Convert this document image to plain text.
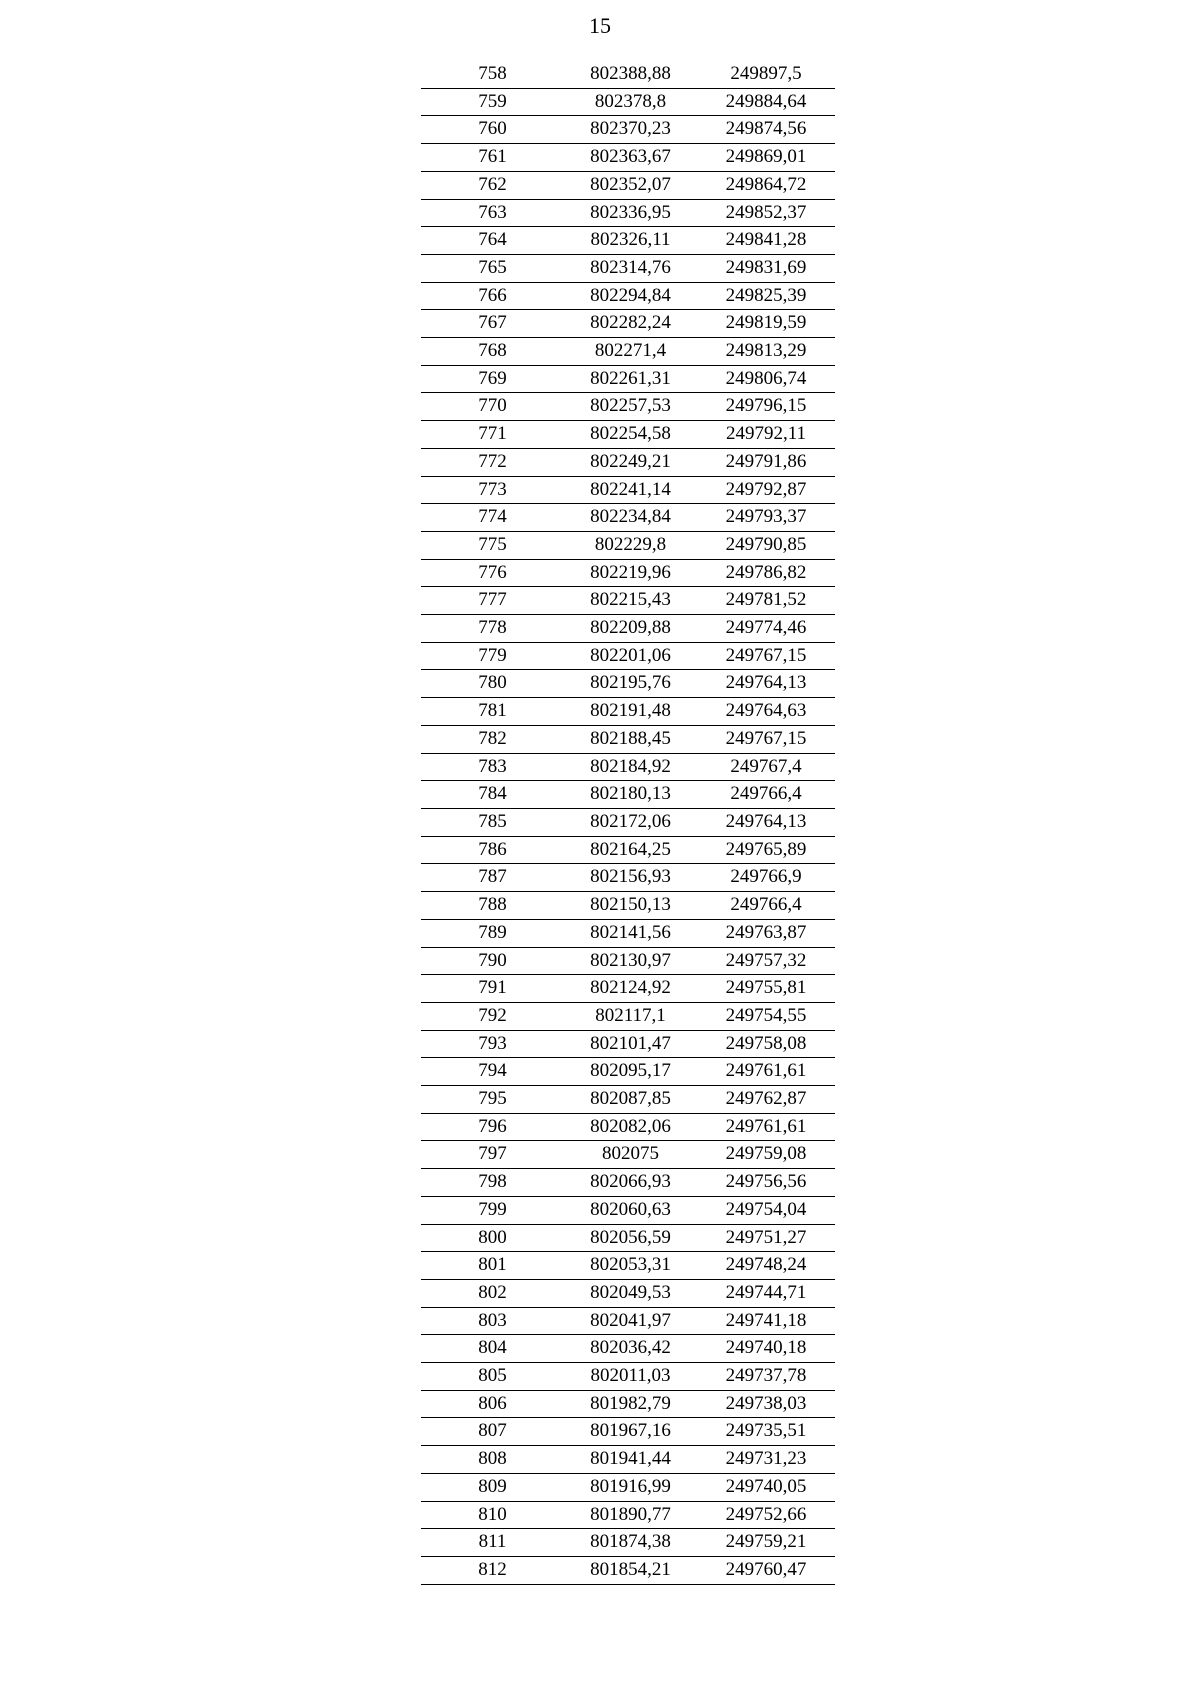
15
758	802388,88	249897,5
759	802378,8	249884,64
760	802370,23	249874,56
761	802363,67	249869,01
762	802352,07	249864,72
763	802336,95	249852,37
764	802326,11	249841,28
765	802314,76	249831,69
766	802294,84	249825,39
767	802282,24	249819,59
768	802271,4	249813,29
769	802261,31	249806,74
770	802257,53	249796,15
771	802254,58	249792,11
772	802249,21	249791,86
773	802241,14	249792,87
774	802234,84	249793,37
775	802229,8	249790,85
776	802219,96	249786,82
777	802215,43	249781,52
778	802209,88	249774,46
779	802201,06	249767,15
780	802195,76	249764,13
781	802191,48	249764,63
782	802188,45	249767,15
783	802184,92	249767,4
784	802180,13	249766,4
785	802172,06	249764,13
786	802164,25	249765,89
787	802156,93	249766,9
788	802150,13	249766,4
789	802141,56	249763,87
790	802130,97	249757,32
791	802124,92	249755,81
792	802117,1	249754,55
793	802101,47	249758,08
794	802095,17	249761,61
795	802087,85	249762,87
796	802082,06	249761,61
797	802075	249759,08
798	802066,93	249756,56
799	802060,63	249754,04
800	802056,59	249751,27
801	802053,31	249748,24
802	802049,53	249744,71
803	802041,97	249741,18
804	802036,42	249740,18
805	802011,03	249737,78
806	801982,79	249738,03
807	801967,16	249735,51
808	801941,44	249731,23
809	801916,99	249740,05
810	801890,77	249752,66
811	801874,38	249759,21
812	801854,21	249760,47
